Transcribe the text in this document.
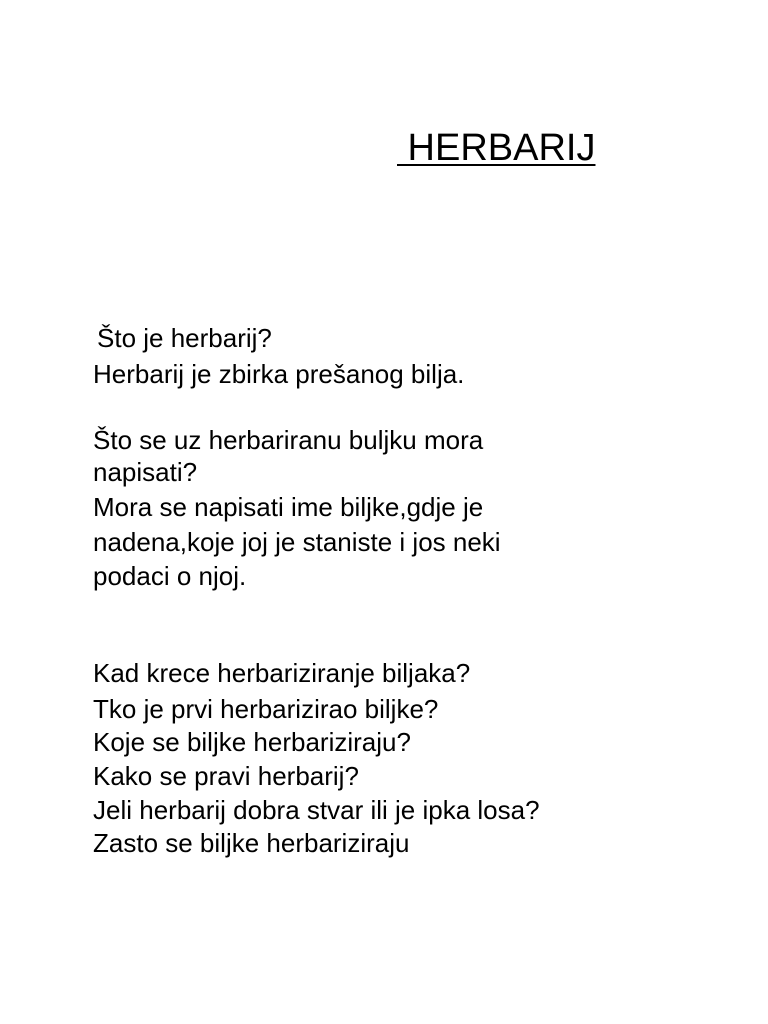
HERBARIJ

Što je herbarij?

Herbarij je zbirka prešanog bilja.

Što se uz herbariranu buljku mora

napisati?

Mora se napisati ime biljke,gdje je

nadena,koje joj je staniste i jos neki

podaci o njoj.

Kad krece herbariziranje biljaka?

Tko je prvi herbarizirao biljke?

Koje se biljke herbariziraju?

Kako se pravi herbarij?

Jeli herbarij dobra stvar ili je ipka losa?

Zasto se biljke herbariziraju
